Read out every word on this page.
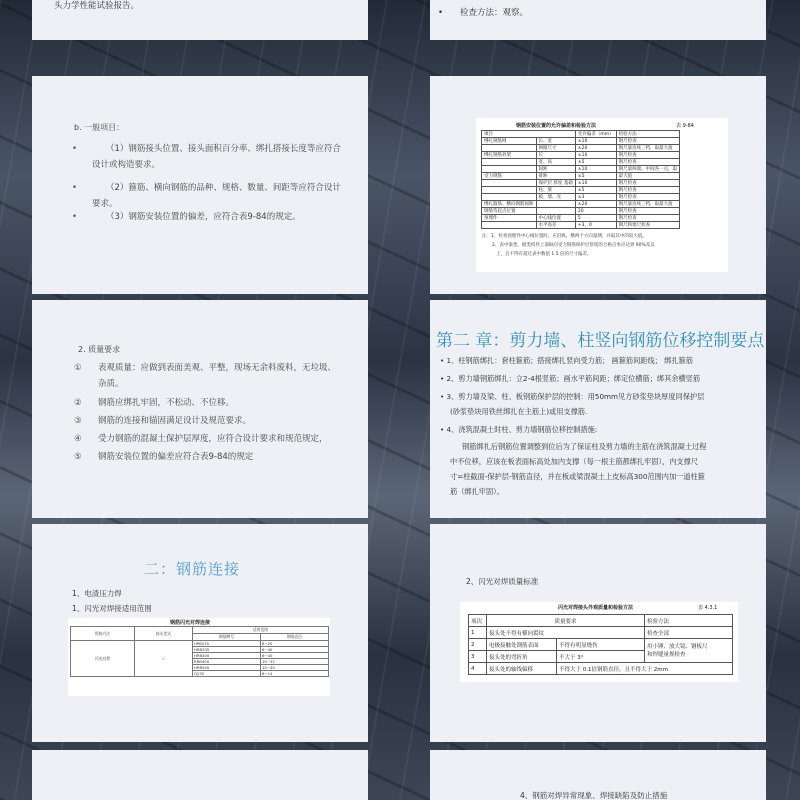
头力学性能试验报告。
• 检查方法：观察。
b. 一般项目：
•	（1）钢筋接头位置、接头面积百分率、绑扎搭接长度等应符合
设计或构造要求。
•	（2）箍筋、横向钢筋的品种、规格、数量、间距等应符合设计
要求。
•	（3）钢筋安装位置的偏差，应符合表9-84的规定。
钢筋安装位置的允许偏差和检验方法	表 9-84
项目		允许偏差（mm）	检验方法
绑扎钢筋网	长、宽	±10	钢尺检查
	网眼尺寸	±20	钢尺量连续三档，取最大值
绑扎钢筋骨架	长	±10	钢尺检查
	宽、高	±5	钢尺检查
	间距	±10	钢尺量两端、中间各一点，取
受力钢筋	排距	±5	最大值
	保护层 厚度 基础	±10	钢尺检查
	柱、梁	±5	钢尺检查
	板、墙、壳	±3	钢尺检查
绑扎箍筋、横向钢筋间距		±20	钢尺量连续三档，取最大值
钢筋弯起点位置		20	钢尺检查
预埋件	中心线位置	5	钢尺检查
	水平高差	+3，0	钢尺和塞尺检查
注：1、检查预埋件中心线位置时，应沿纵、横两个方向量测，并取其中的较大值。
2、表中梁类、板类构件上部纵向受力钢筋保护层厚度的合格点率应达到 90%及以
上，且不得有超过表中数值 1.5 倍的尺寸偏差。
2. 质量要求
① 表观质量：应做到表面美观、平整，现场无余料废料，无垃圾、
杂质。
② 钢筋应绑扎牢固，不松动、不位移。
③ 钢筋的连接和锚固满足设计及规范要求。
④ 受力钢筋的混凝土保护层厚度，应符合设计要求和规范规定，
⑤ 钢筋安装位置的偏差应符合表9-84的规定
第二 章：剪力墙、柱竖向钢筋位移控制要点
• 1、柱钢筋绑扎：套柱箍筋；搭接绑扎竖向受力筋； 画箍筋间距线； 绑扎箍筋
• 2、剪力墙钢筋绑扎：立2-4根竖筋；画水平筋间距；绑定位横筋；绑其余横竖筋
• 3、剪力墙及梁、柱、板钢筋保护层的控制：用50mm见方砂浆垫块厚度同保护层
(砂浆垫块用铁丝绑扎在主筋上)或用支撑筋.
• 4、浇筑混凝土时柱、剪力墙钢筋位移控制措施:
钢筋绑扎后钢筋位置调整到位后为了保证柱及剪力墙的主筋在浇筑混凝土过程
中不位移，应该在板表面标高处加内支撑（每一根主筋都绑扎牢固），内支撑尺
寸=柱截面-保护层-钢筋直径，并在板或梁混凝土上皮标高300范围内加一道柱箍
筋（绑扎牢固）。
二：钢筋连接
1、电渣压力焊
1、闪光对焊接适用范围
钢筋闪光对焊连接
焊接方法	接头型式	适用范围	
		钢筋牌号	钢筋直径
闪光对焊	✓	HPB235	8~20
		HRB335	6~40
		HRB400	6~40
		RRB400	10~32
		HRB500	10~40
		Q235	6~14
2、闪光对焊质量标准
闪光对焊接头外观质量和检验方法	表 4.3.1
项次	质量要求		检验方法
1	接头处不得有横向裂纹		检查全部
2	电极接触处钢筋表面	不得有明显烧伤	用小锤、放大镜、钢板尺
和焊缝量规检查
3	接头处的弯折角	不大于 3°	
4	接头处的轴线偏移	不得大于 0.1倍钢筋直径，且不得大于 2mm	
4、钢筋对焊异常现象、焊接缺陷及防止措施
